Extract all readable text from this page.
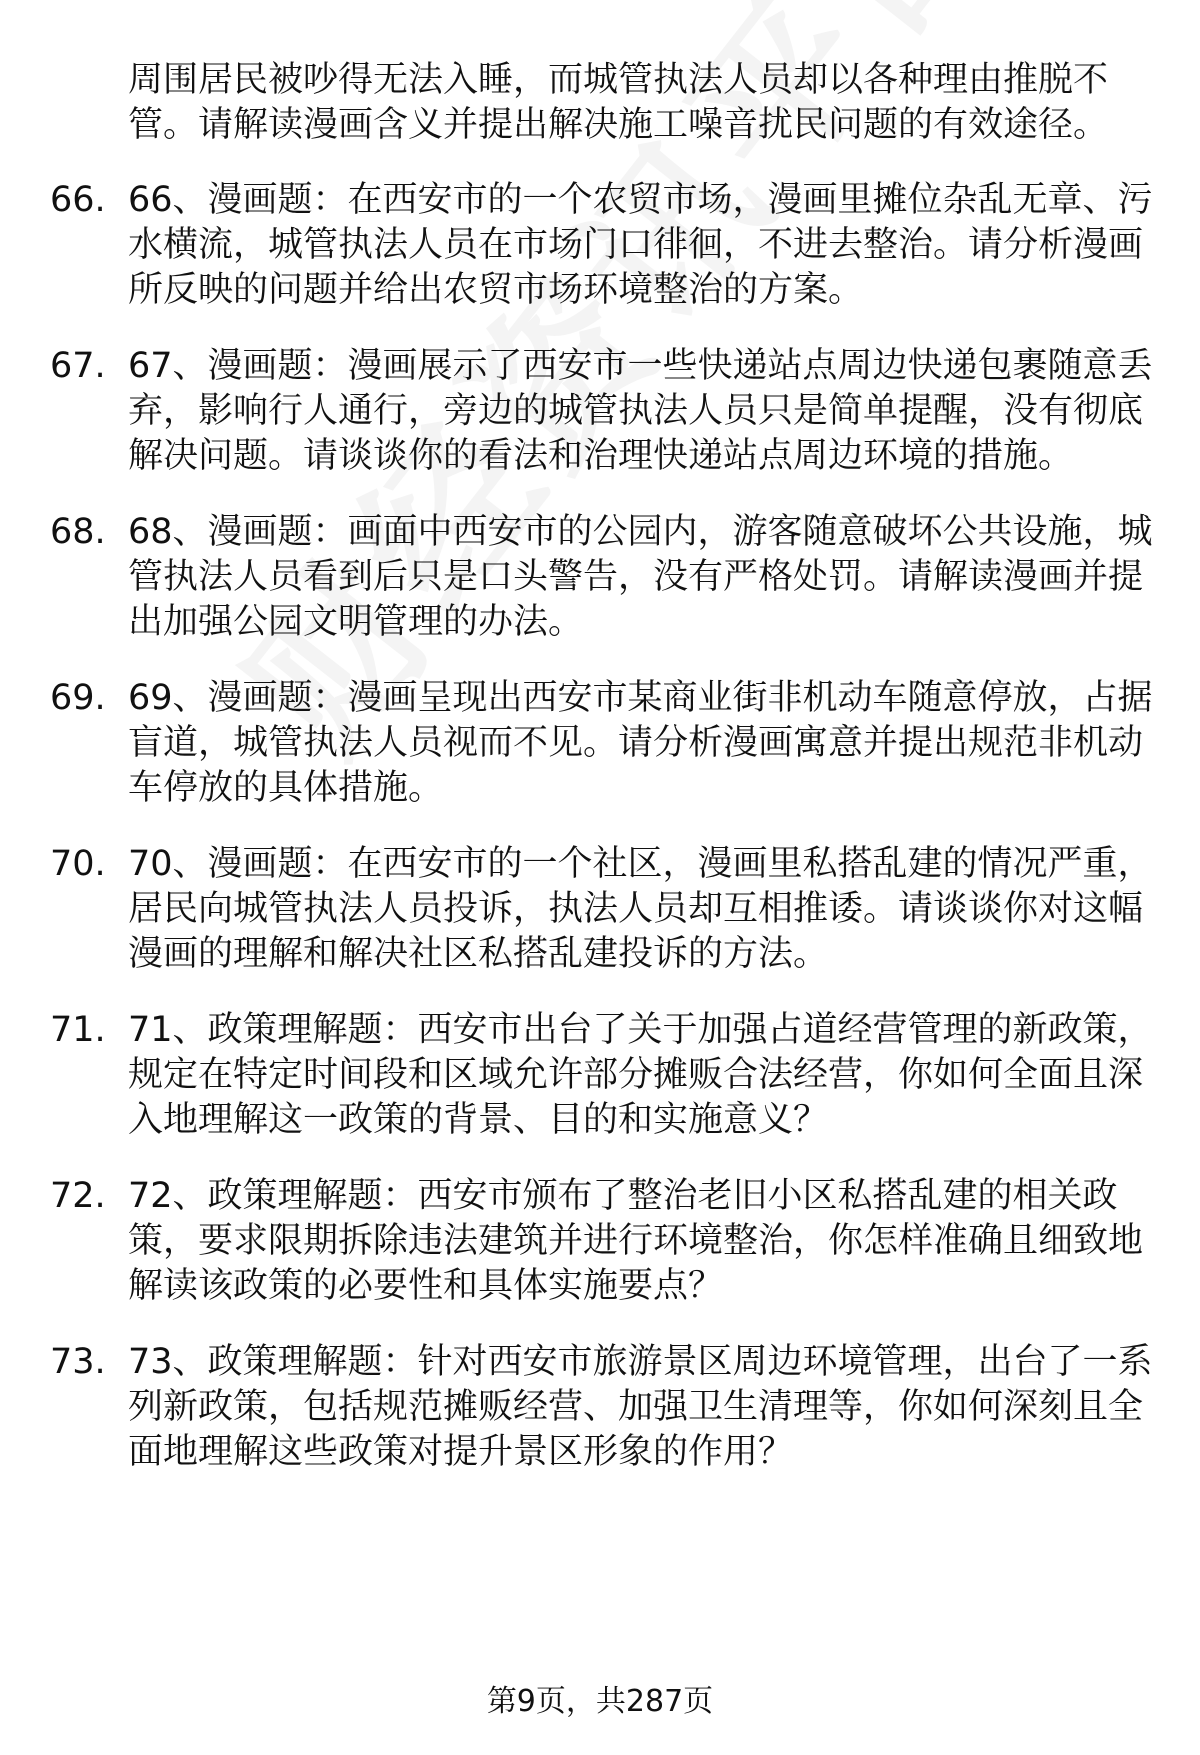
周围居民被吵得无法入睡，而城管执法人员却以各种理由推脱不管。请解读漫画含义并提出解决施工噪音扰民问题的有效途径。
66. 66、漫画题：在西安市的一个农贸市场，漫画里摊位杂乱无章、污水横流，城管执法人员在市场门口徘徊，不进去整治。请分析漫画所反映的问题并给出农贸市场环境整治的方案。
67. 67、漫画题：漫画展示了西安市一些快递站点周边快递包裹随意丢弃，影响行人通行，旁边的城管执法人员只是简单提醒，没有彻底解决问题。请谈谈你的看法和治理快递站点周边环境的措施。
68. 68、漫画题：画面中西安市的公园内，游客随意破坏公共设施，城管执法人员看到后只是口头警告，没有严格处罚。请解读漫画并提出加强公园文明管理的办法。
69. 69、漫画题：漫画呈现出西安市某商业街非机动车随意停放，占据盲道，城管执法人员视而不见。请分析漫画寓意并提出规范非机动车停放的具体措施。
70. 70、漫画题：在西安市的一个社区，漫画里私搭乱建的情况严重，居民向城管执法人员投诉，执法人员却互相推诿。请谈谈你对这幅漫画的理解和解决社区私搭乱建投诉的方法。
71. 71、政策理解题：西安市出台了关于加强占道经营管理的新政策，规定在特定时间段和区域允许部分摊贩合法经营，你如何全面且深入地理解这一政策的背景、目的和实施意义？
72. 72、政策理解题：西安市颁布了整治老旧小区私搭乱建的相关政策，要求限期拆除违法建筑并进行环境整治，你怎样准确且细致地解读该政策的必要性和具体实施要点？
73. 73、政策理解题：针对西安市旅游景区周边环境管理，出台了一系列新政策，包括规范摊贩经营、加强卫生清理等，你如何深刻且全面地理解这些政策对提升景区形象的作用？
第9页，共287页
